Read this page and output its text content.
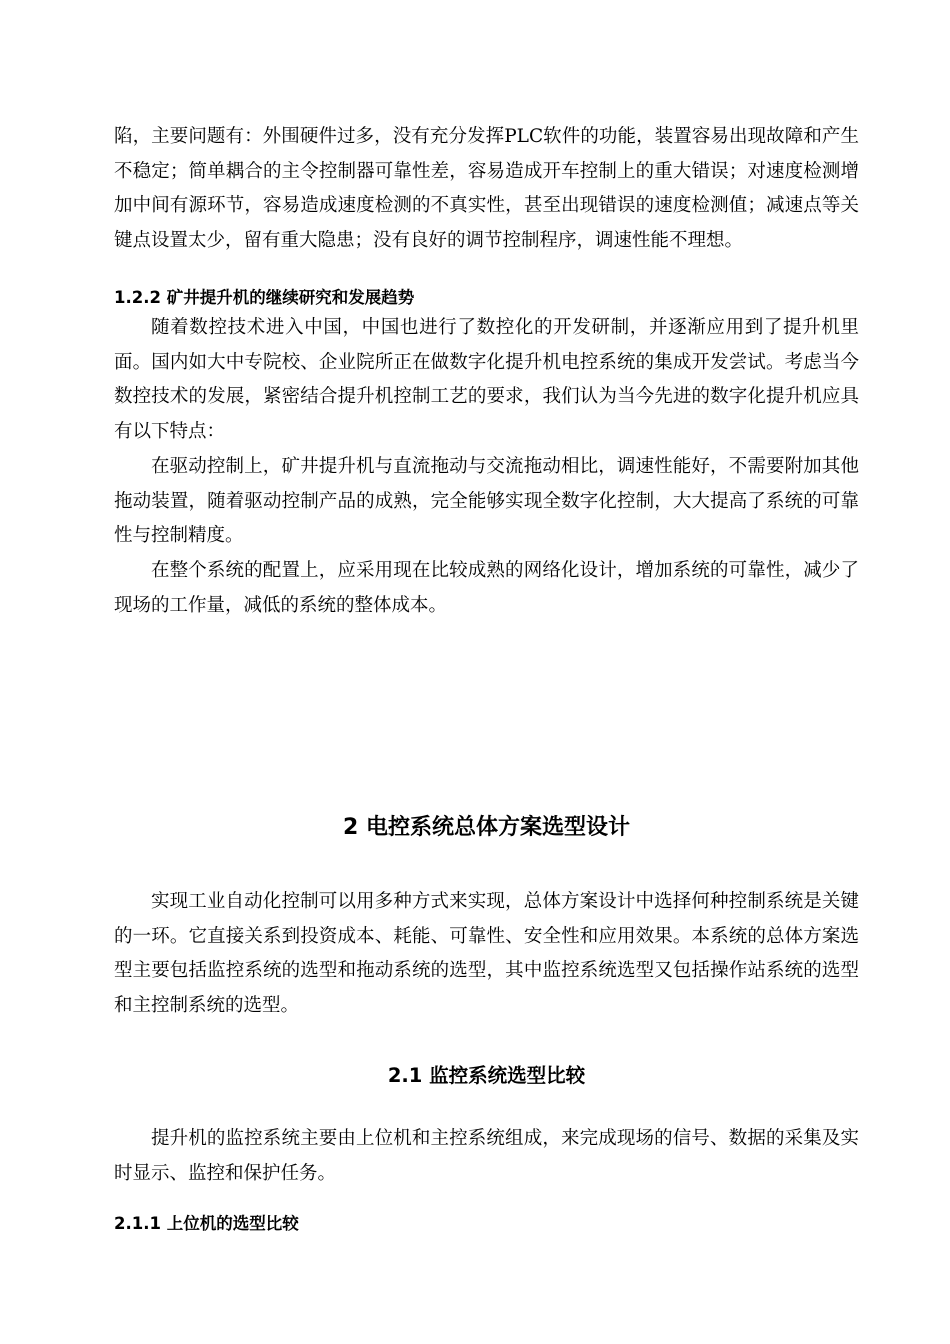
陷，主要问题有：外围硬件过多，没有充分发挥PLC软件的功能，装置容易出现故障和产生不稳定；简单耦合的主令控制器可靠性差，容易造成开车控制上的重大错误；对速度检测增加中间有源环节，容易造成速度检测的不真实性，甚至出现错误的速度检测值；减速点等关键点设置太少，留有重大隐患；没有良好的调节控制程序，调速性能不理想。

1.2.2 矿井提升机的继续研究和发展趋势

随着数控技术进入中国，中国也进行了数控化的开发研制，并逐渐应用到了提升机里面。国内如大中专院校、企业院所正在做数字化提升机电控系统的集成开发尝试。考虑当今数控技术的发展，紧密结合提升机控制工艺的要求，我们认为当今先进的数字化提升机应具有以下特点：

在驱动控制上，矿井提升机与直流拖动与交流拖动相比，调速性能好，不需要附加其他拖动装置，随着驱动控制产品的成熟，完全能够实现全数字化控制，大大提高了系统的可靠性与控制精度。

在整个系统的配置上，应采用现在比较成熟的网络化设计，增加系统的可靠性，减少了现场的工作量，减低的系统的整体成本。

2 电控系统总体方案选型设计

实现工业自动化控制可以用多种方式来实现，总体方案设计中选择何种控制系统是关键的一环。它直接关系到投资成本、耗能、可靠性、安全性和应用效果。本系统的总体方案选型主要包括监控系统的选型和拖动系统的选型，其中监控系统选型又包括操作站系统的选型和主控制系统的选型。

2.1 监控系统选型比较

提升机的监控系统主要由上位机和主控系统组成，来完成现场的信号、数据的采集及实时显示、监控和保护任务。

2.1.1 上位机的选型比较
